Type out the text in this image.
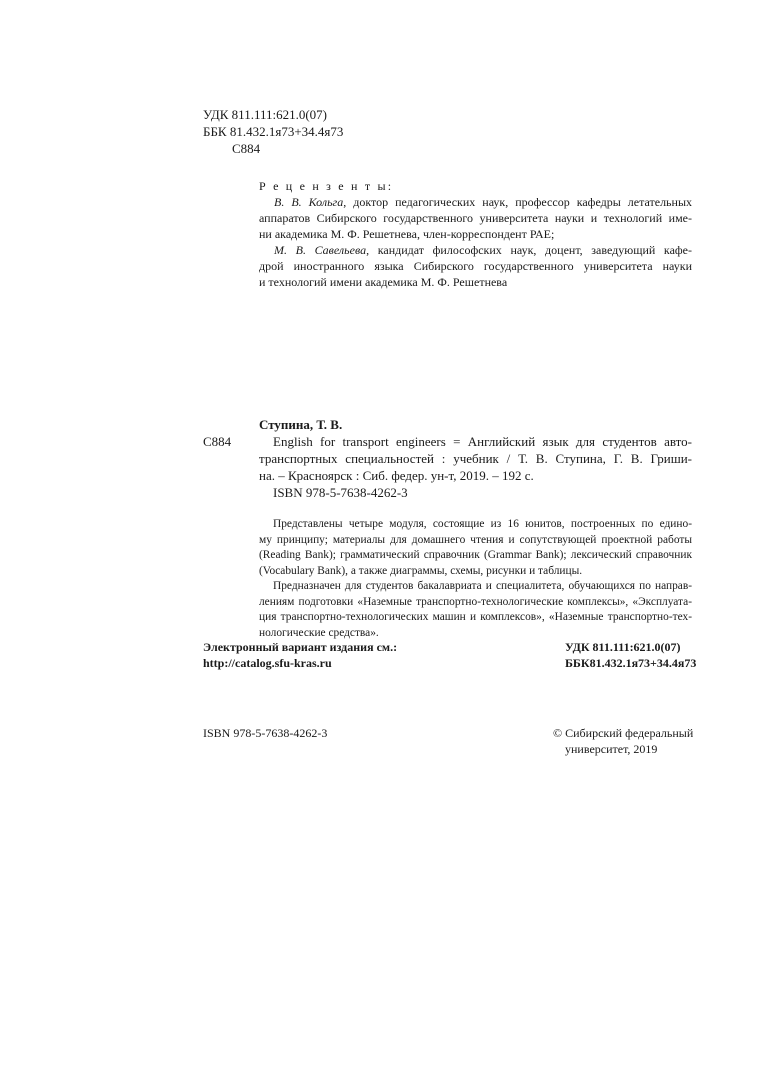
УДК 811.111:621.0(07)
ББК 81.432.1я73+34.4я73
С884
Р е ц е н з е н т ы:
В. В. Кольга, доктор педагогических наук, профессор кафедры летательных
аппаратов Сибирского государственного университета науки и технологий име-
ни академика М. Ф. Решетнева, член-корреспондент РАЕ;
М. В. Савельева, кандидат философских наук, доцент, заведующий кафе-
дрой иностранного языка Сибирского государственного университета науки
и технологий имени академика М. Ф. Решетнева
Ступина, Т. В.
С884	English for transport engineers = Английский язык для студентов авто-
транспортных специальностей : учебник / Т. В. Ступина, Г. В. Гриши-
на. – Красноярск : Сиб. федер. ун-т, 2019. – 192 с.
ISBN 978-5-7638-4262-3
Представлены четыре модуля, состоящие из 16 юнитов, построенных по едино-
му принципу; материалы для домашнего чтения и сопутствующей проектной работы
(Reading Bank); грамматический справочник (Grammar Bank); лексический справочник
(Vocabulary Bank), а также диаграммы, схемы, рисунки и таблицы.
Предназначен для студентов бакалавриата и специалитета, обучающихся по направ-
лениям подготовки «Наземные транспортно-технологические комплексы», «Эксплуата-
ция транспортно-технологических машин и комплексов», «Наземные транспортно-тех-
нологические средства».
Электронный вариант издания см.:
http://catalog.sfu-kras.ru
УДК 811.111:621.0(07)
ББК81.432.1я73+34.4я73
ISBN 978-5-7638-4262-3	© Сибирский федеральный
университет, 2019
